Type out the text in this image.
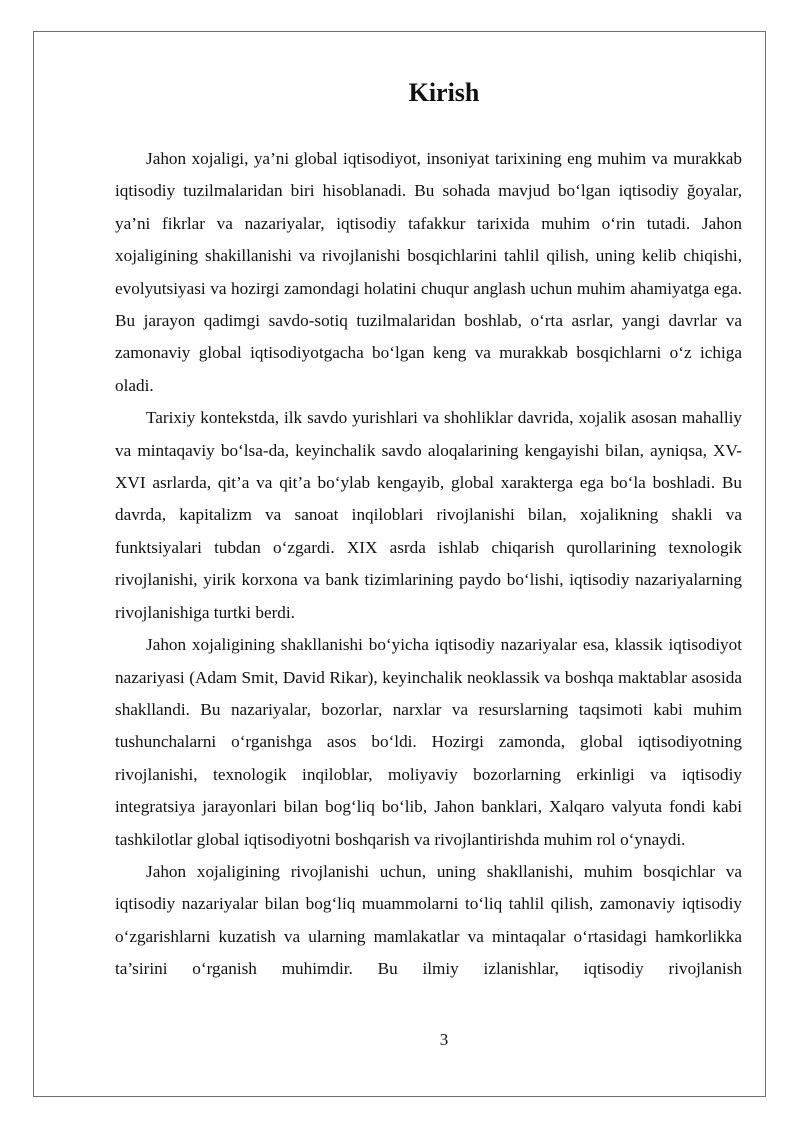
Kirish

Jahon xojaligi, ya’ni global iqtisodiyot, insoniyat tarixining eng muhim va murakkab iqtisodiy tuzilmalaridan biri hisoblanadi. Bu sohada mavjud bo‘lgan iqtisodiy ğoyalar, ya’ni fikrlar va nazariyalar, iqtisodiy tafakkur tarixida muhim o‘rin tutadi. Jahon xojaligining shakillanishi va rivojlanishi bosqichlarini tahlil qilish, uning kelib chiqishi, evolyutsiyasi va hozirgi zamondagi holatini chuqur anglash uchun muhim ahamiyatga ega. Bu jarayon qadimgi savdo-sotiq tuzilmalaridan boshlab, o‘rta asrlar, yangi davrlar va zamonaviy global iqtisodiyotgacha bo‘lgan keng va murakkab bosqichlarni o‘z ichiga oladi.

Tarixiy kontekstda, ilk savdo yurishlari va shohliklar davrida, xojalik asosan mahalliy va mintaqaviy bo‘lsa-da, keyinchalik savdo aloqalarining kengayishi bilan, ayniqsa, XV-XVI asrlarda, qit’a va qit’a bo‘ylab kengayib, global xarakterga ega bo‘la boshladi. Bu davrda, kapitalizm va sanoat inqiloblari rivojlanishi bilan, xojalikning shakli va funktsiyalari tubdan o‘zgardi. XIX asrda ishlab chiqarish qurollarining texnologik rivojlanishi, yirik korxona va bank tizimlarining paydo bo‘lishi, iqtisodiy nazariyalarning rivojlanishiga turtki berdi.

Jahon xojaligining shakllanishi bo‘yicha iqtisodiy nazariyalar esa, klassik iqtisodiyot nazariyasi (Adam Smit, David Rikar), keyinchalik neoklassik va boshqa maktablar asosida shakllandi. Bu nazariyalar, bozorlar, narxlar va resurslarning taqsimoti kabi muhim tushunchalarni o‘rganishga asos bo‘ldi. Hozirgi zamonda, global iqtisodiyotning rivojlanishi, texnologik inqiloblar, moliyaviy bozorlarning erkinligi va iqtisodiy integratsiya jarayonlari bilan bog‘liq bo‘lib, Jahon banklari, Xalqaro valyuta fondi kabi tashkilotlar global iqtisodiyotni boshqarish va rivojlantirishda muhim rol o‘ynaydi.

Jahon xojaligining rivojlanishi uchun, uning shakllanishi, muhim bosqichlar va iqtisodiy nazariyalar bilan bog‘liq muammolarni to‘liq tahlil qilish, zamonaviy iqtisodiy o‘zgarishlarni kuzatish va ularning mamlakatlar va mintaqalar o‘rtasidagi hamkorlikka ta’sirini o‘rganish muhimdir. Bu ilmiy izlanishlar, iqtisodiy rivojlanish

3
